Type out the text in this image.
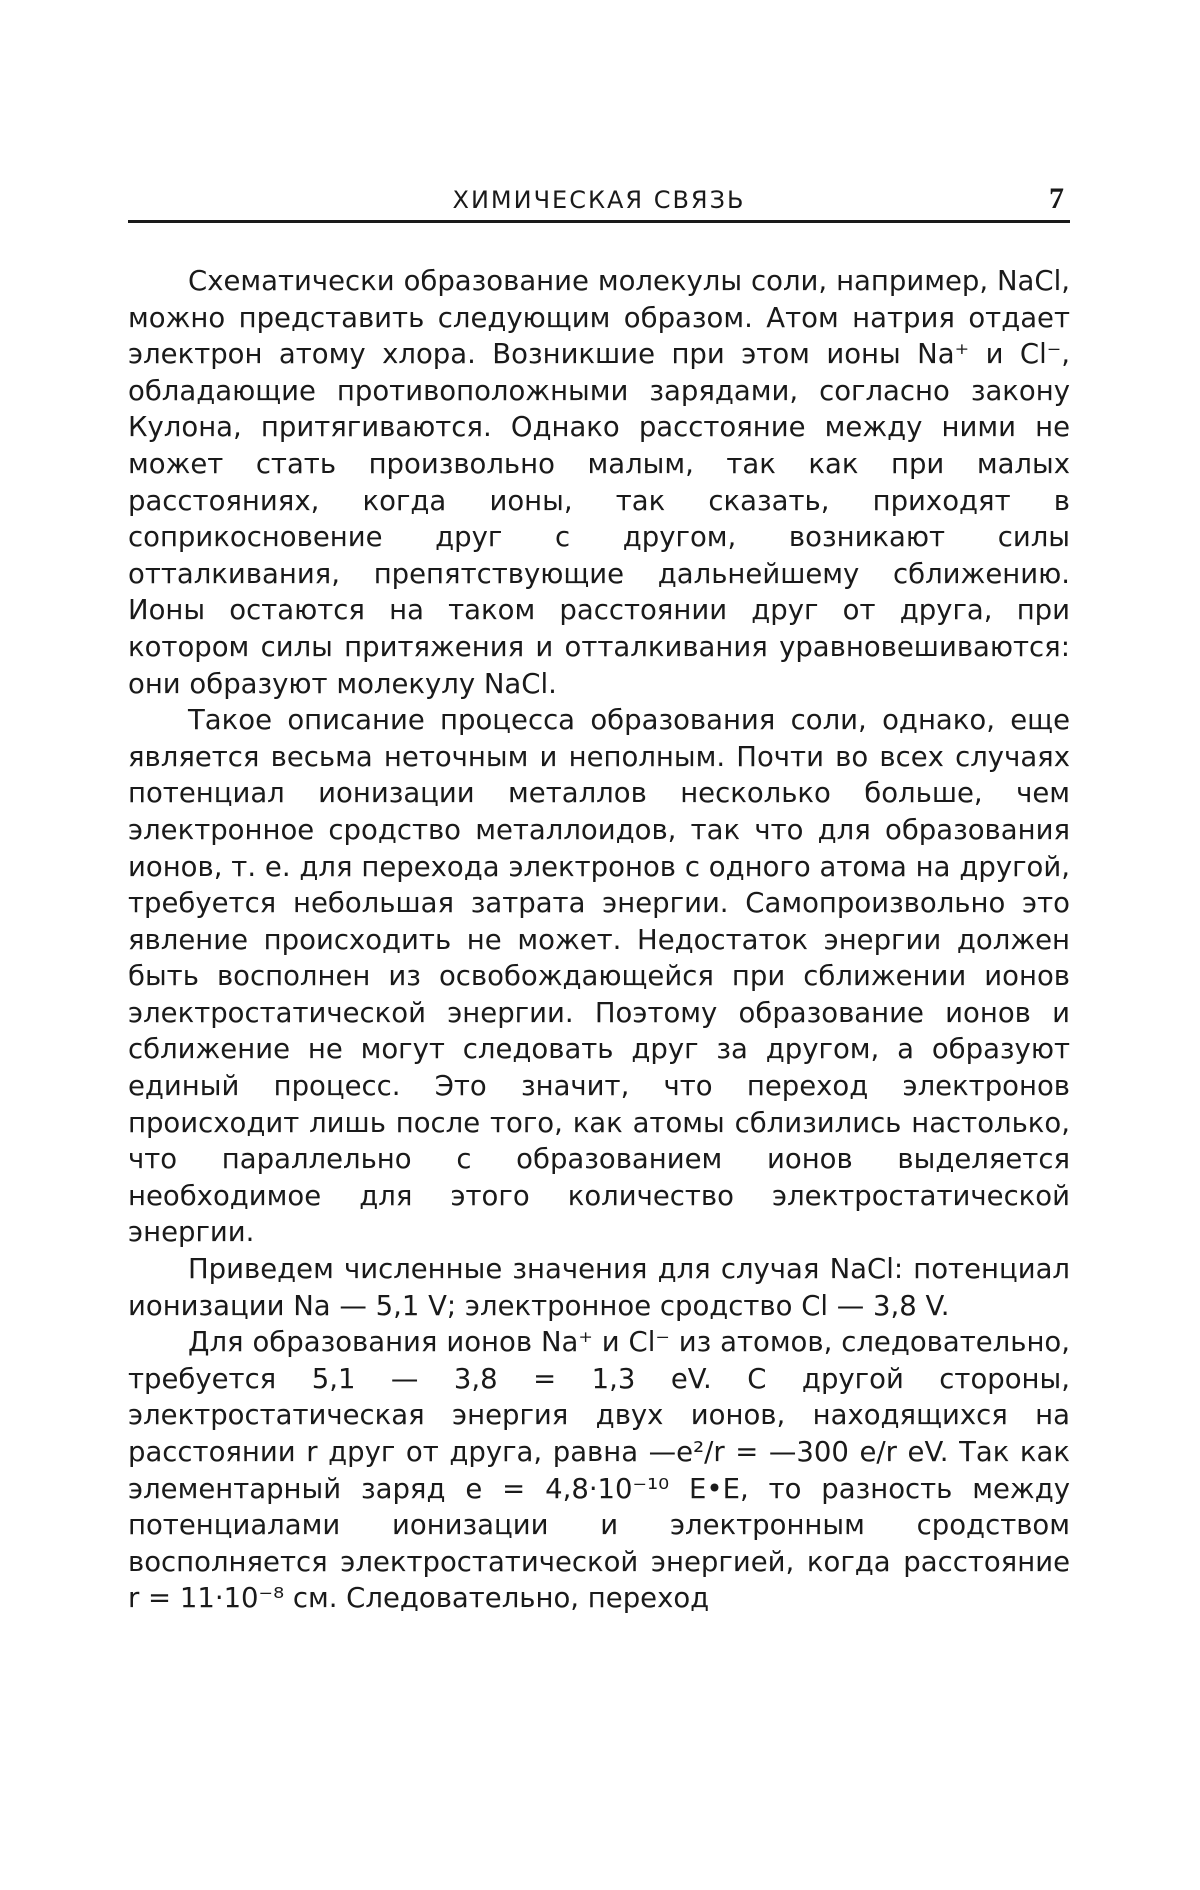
ХИМИЧЕСКАЯ СВЯЗЬ	7

Схематически образование молекулы соли, например, NaCl, можно представить следующим образом. Атом натрия отдает электрон атому хлора. Возникшие при этом ионы Na⁺ и Cl⁻, обладающие противоположными зарядами, согласно закону Кулона, притягиваются. Однако расстояние между ними не может стать произвольно малым, так как при малых расстояниях, когда ионы, так сказать, приходят в соприкосновение друг с другом, возникают силы отталкивания, препятствующие дальнейшему сближению. Ионы остаются на таком расстоянии друг от друга, при котором силы притяжения и отталкивания уравновешиваются: они образуют молекулу NaCl.

Такое описание процесса образования соли, однако, еще является весьма неточным и неполным. Почти во всех случаях потенциал ионизации металлов несколько больше, чем электронное сродство металлоидов, так что для образования ионов, т. е. для перехода электронов с одного атома на другой, требуется небольшая затрата энергии. Самопроизвольно это явление происходить не может. Недостаток энергии должен быть восполнен из освобождающейся при сближении ионов электростатической энергии. Поэтому образование ионов и сближение не могут следовать друг за другом, а образуют единый процесс. Это значит, что переход электронов происходит лишь после того, как атомы сблизились настолько, что параллельно с образованием ионов выделяется необходимое для этого количество электростатической энергии.

Приведем численные значения для случая NaCl: потенциал ионизации Na — 5,1 V; электронное сродство Cl — 3,8 V.

Для образования ионов Na⁺ и Cl⁻ из атомов, следовательно, требуется 5,1 — 3,8 = 1,3 eV. С другой стороны, электростатическая энергия двух ионов, находящихся на расстоянии r друг от друга, равна —e²/r = —300 e/r eV. Так как элементарный заряд e = 4,8·10⁻¹⁰ E•E, то разность между потенциалами ионизации и электронным сродством восполняется электростатической энергией, когда расстояние r = 11·10⁻⁸ см. Следовательно, переход
